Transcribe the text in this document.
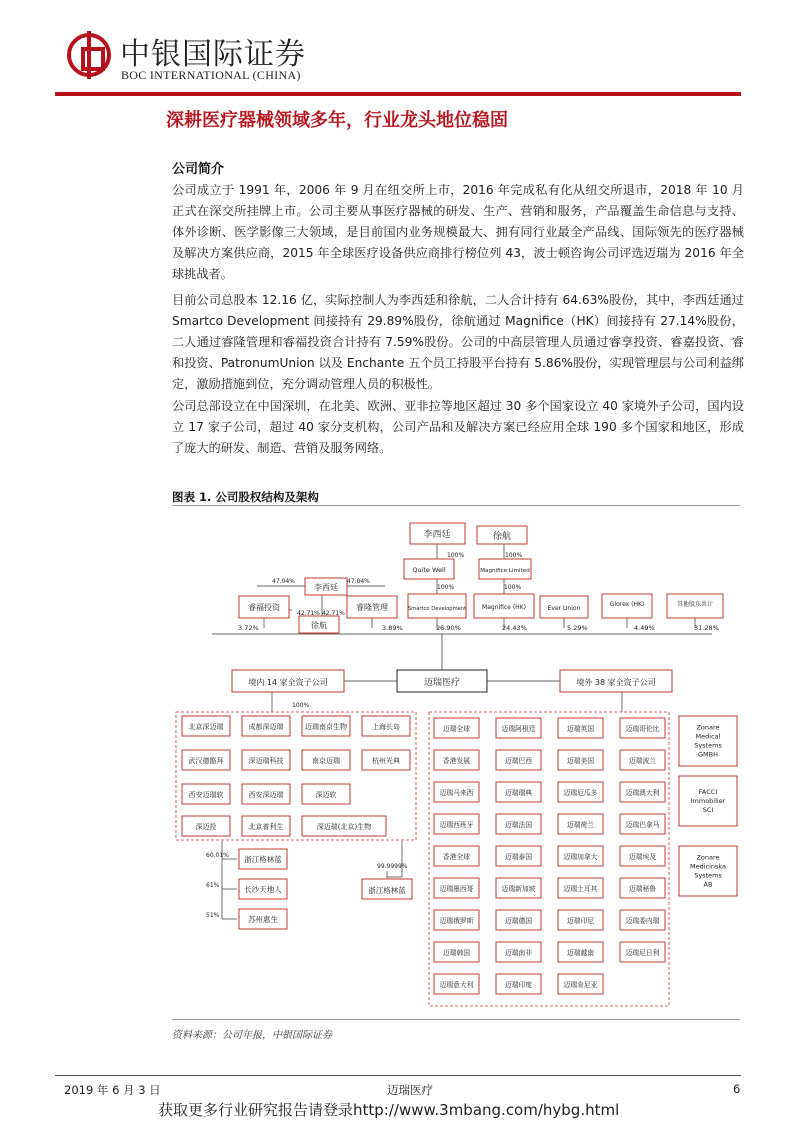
中银国际证券
BOC INTERNATIONAL (CHINA)
深耕医疗器械领域多年，行业龙头地位稳固
公司简介
公司成立于 1991 年，2006 年 9 月在纽交所上市，2016 年完成私有化从纽交所退市，2018 年 10 月正式在深交所挂牌上市。公司主要从事医疗器械的研发、生产、营销和服务，产品覆盖生命信息与支持、体外诊断、医学影像三大领域，是目前国内业务规模最大、拥有同行业最全产品线、国际领先的医疗器械及解决方案供应商，2015 年全球医疗设备供应商排行榜位列 43，波士顿咨询公司评选迈瑞为 2016 年全球挑战者。
目前公司总股本 12.16 亿，实际控制人为李西廷和徐航，二人合计持有 64.63%股份，其中，李西廷通过 Smartco Development 间接持有 29.89%股份，徐航通过 Magnifice（HK）间接持有 27.14%股份，二人通过睿隆管理和睿福投资合计持有 7.59%股份。公司的中高层管理人员通过睿享投资、睿嘉投资、睿和投资、PatronumUnion 以及 Enchante 五个员工持股平台持有 5.86%股份，实现管理层与公司利益绑定，激励措施到位，充分调动管理人员的积极性。
公司总部设立在中国深圳，在北美、欧洲、亚非拉等地区超过 30 多个国家设立 40 家境外子公司，国内设立 17 家子公司，超过 40 家分支机构，公司产品和及解决方案已经应用全球 190 多个国家和地区，形成了庞大的研发、制造、营销及服务网络。
图表 1. 公司股权结构及架构
李西廷	徐航
100%	100%
Quite Well	Magnifice Limited
100%	100%
李西廷
徐航
47.04%	47.04%
42.71% 42.71%
睿福投资	睿隆管理	Smartco Development	Magnifice (HK)	Ever Union
Glorex (HK)	其他股东共计
3.72%	3.89%	26.90%	24.43%	5.29%	4.49%	31.28%
迈瑞医疗
境内 14 家全资子公司	境外 38 家全资子公司
100%
北京深迈瑞	成都深迈瑞	迈瑞南京生物	上海长岛
武汉德骼拜	深迈瑞科技	南京迈瑞	杭州光典
西安迈瑞软	西安深迈瑞	深迈软
深迈投	北京普利生	深迈瑞(北京)生物
60.01% 浙江格林蓝
61%	长沙天地人
51%	苏州惠生
99.9999%
浙江格林蓝
迈瑞全球	迈瑞阿根廷	迈瑞英国	迈瑞哥伦比
香港发展	迈瑞巴西	迈瑞美国	迈瑞波兰
迈瑞马来西	迈瑞瑞典	迈瑞厄瓜多	迈瑞澳大利
迈瑞西班牙	迈瑞法国	迈瑞荷兰	迈瑞巴拿马
香港全球	迈瑞泰国	迈瑞加拿大	迈瑞埃及
迈瑞墨西哥	迈瑞新加坡	迈瑞土耳其	迈瑞秘鲁
迈瑞俄罗斯	迈瑞德国	迈瑞印尼	迈瑞委内瑞
迈瑞韩国	迈瑞南非	迈瑞越南	迈瑞尼日利
迈瑞意大利	迈瑞印度	迈瑞肯尼亚
Zonare Medical Systems GMBH
FACCI Immobilier SCI
Zonare Medicinska Systems AB
资料来源：公司年报，中银国际证券
2019 年 6 月 3 日	迈瑞医疗	6
获取更多行业研究报告请登录http://www.3mbang.com/hybg.html
